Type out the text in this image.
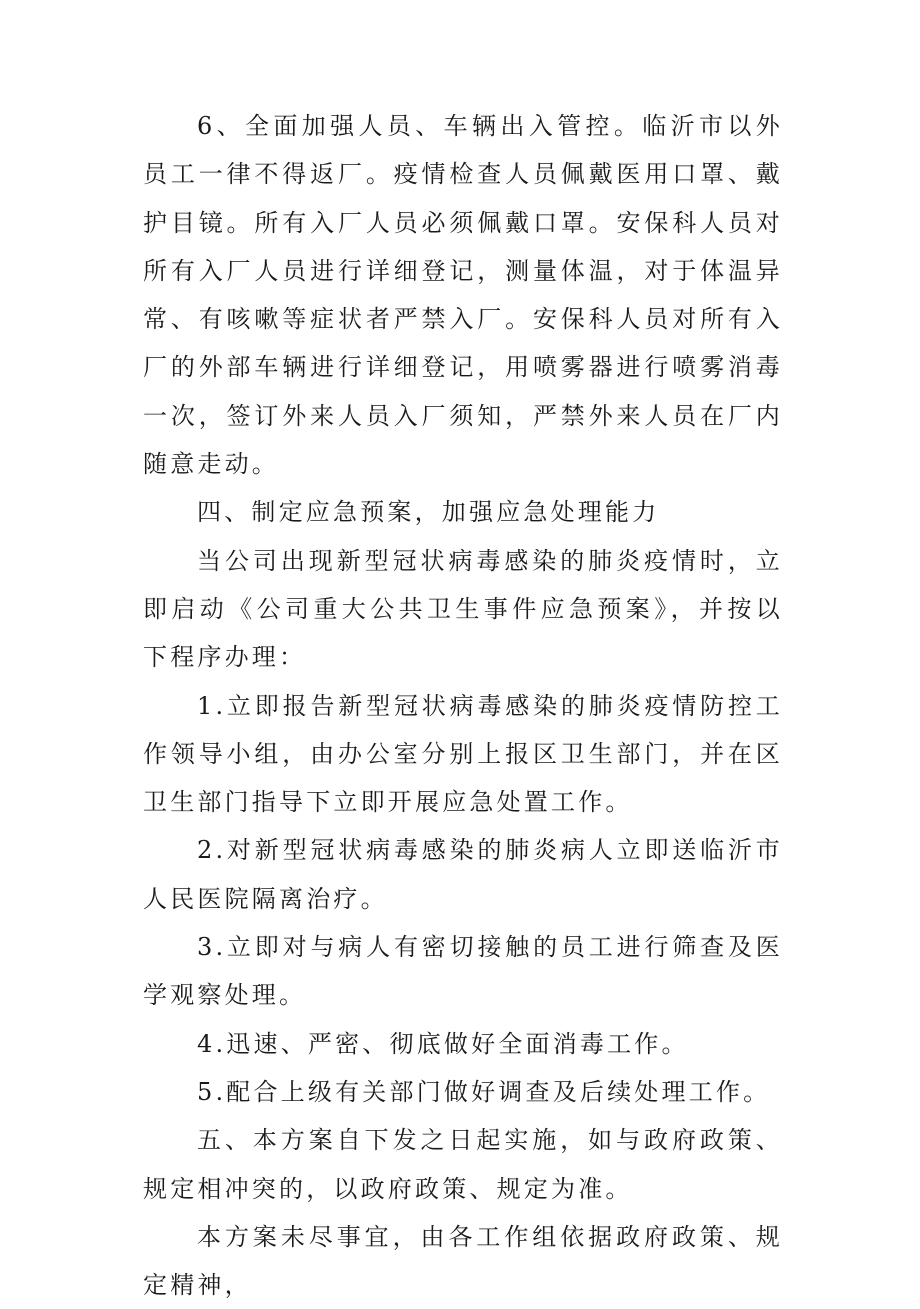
6、全面加强人员、车辆出入管控。临沂市以外员工一律不得返厂。疫情检查人员佩戴医用口罩、戴护目镜。所有入厂人员必须佩戴口罩。安保科人员对所有入厂人员进行详细登记，测量体温，对于体温异常、有咳嗽等症状者严禁入厂。安保科人员对所有入厂的外部车辆进行详细登记，用喷雾器进行喷雾消毒一次，签订外来人员入厂须知，严禁外来人员在厂内随意走动。

四、制定应急预案，加强应急处理能力

当公司出现新型冠状病毒感染的肺炎疫情时，立即启动《公司重大公共卫生事件应急预案》，并按以下程序办理：

1.立即报告新型冠状病毒感染的肺炎疫情防控工作领导小组，由办公室分别上报区卫生部门，并在区卫生部门指导下立即开展应急处置工作。

2.对新型冠状病毒感染的肺炎病人立即送临沂市人民医院隔离治疗。

3.立即对与病人有密切接触的员工进行筛查及医学观察处理。

4.迅速、严密、彻底做好全面消毒工作。

5.配合上级有关部门做好调查及后续处理工作。

五、本方案自下发之日起实施，如与政府政策、规定相冲突的，以政府政策、规定为准。

本方案未尽事宜，由各工作组依据政府政策、规定精神，
